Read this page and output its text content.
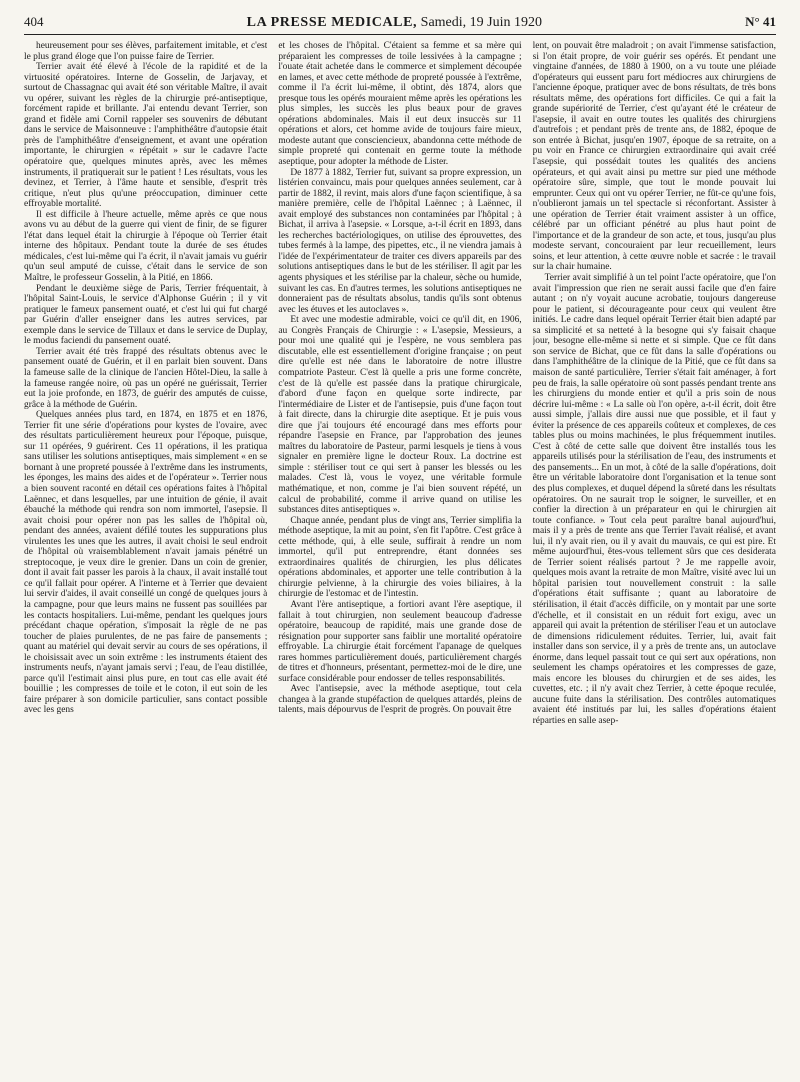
404	LA PRESSE MEDICALE, Samedi, 19 Juin 1920	N° 41

heureusement pour ses élèves, parfaitement imitable, et c'est le plus grand éloge que l'on puisse faire de Terrier.

Terrier avait été élevé à l'école de la rapidité et de la virtuosité opératoires. Interne de Gosselin, de Jarjavay, et surtout de Chassagnac qui avait été son véritable Maître, il avait vu opérer, suivant les règles de la chirurgie pré-antiseptique, forcément rapide et brillante. J'ai entendu devant Terrier, son grand et fidèle ami Cornil rappeler ses souvenirs de débutant dans le service de Maisonneuve : l'amphithéâtre d'autopsie était près de l'amphithéâtre d'enseignement, et avant une opération importante, le chirurgien « répétait » sur le cadavre l'acte opératoire que, quelques minutes après, avec les mêmes instruments, il pratiquerait sur le patient ! Les résultats, vous les devinez, et Terrier, à l'âme haute et sensible, d'esprit très critique, n'eut plus qu'une préoccupation, diminuer cette effroyable mortalité.

Il est difficile à l'heure actuelle, même après ce que nous avons vu au début de la guerre qui vient de finir, de se figurer l'état dans lequel était la chirurgie à l'époque où Terrier était interne des hôpitaux. Pendant toute la durée de ses études médicales, c'est lui-même qui l'a écrit, il n'avait jamais vu guérir qu'un seul amputé de cuisse, c'était dans le service de son Maître, le professeur Gosselin, à la Pitié, en 1866.

Pendant le deuxième siège de Paris, Terrier fréquentait, à l'hôpital Saint-Louis, le service d'Alphonse Guérin ; il y vit pratiquer le fameux pansement ouaté, et c'est lui qui fut chargé par Guérin d'aller enseigner dans les autres services, par exemple dans le service de Tillaux et dans le service de Duplay, le modus faciendi du pansement ouaté.

Terrier avait été très frappé des résultats obtenus avec le pansement ouaté de Guérin, et il en parlait bien souvent. Dans la fameuse salle de la clinique de l'ancien Hôtel-Dieu, la salle à la fameuse rangée noire, où pas un opéré ne guérissait, Terrier eut la joie profonde, en 1873, de guérir des amputés de cuisse, grâce à la méthode de Guérin.

Quelques années plus tard, en 1874, en 1875 et en 1876, Terrier fit une série d'opérations pour kystes de l'ovaire, avec des résultats particulièrement heureux pour l'époque, puisque, sur 11 opérées, 9 guérirent. Ces 11 opérations, il les pratiqua sans utiliser les solutions antiseptiques, mais simplement « en se bornant à une propreté poussée à l'extrême dans les instruments, les éponges, les mains des aides et de l'opérateur ». Terrier nous a bien souvent raconté en détail ces opérations faites à l'hôpital Laënnec, et dans lesquelles, par une intuition de génie, il avait ébauché la méthode qui rendra son nom immortel, l'asepsie. Il avait choisi pour opérer non pas les salles de l'hôpital où, pendant des années, avaient défilé toutes les suppurations plus virulentes les unes que les autres, il avait choisi le seul endroit de l'hôpital où vraisemblablement n'avait jamais pénétré un streptocoque, je veux dire le grenier. Dans un coin de grenier, dont il avait fait passer les parois à la chaux, il avait installé tout ce qu'il fallait pour opérer. A l'interne et à Terrier que devaient lui servir d'aides, il avait conseillé un congé de quelques jours à la campagne, pour que leurs mains ne fussent pas souillées par les contacts hospitaliers. Lui-même, pendant les quelques jours précédant chaque opération, s'imposait la règle de ne pas toucher de plaies purulentes, de ne pas faire de pansements ; quant au matériel qui devait servir au cours de ses opérations, il le choisissait avec un soin extrême : les instruments étaient des instruments neufs, n'ayant jamais servi ; l'eau, de l'eau distillée, parce qu'il l'estimait ainsi plus pure, en tout cas elle avait été bouillie ; les compresses de toile et le coton, il eut soin de les faire préparer à son domicile particulier, sans contact possible avec les gens

et les choses de l'hôpital. C'étaient sa femme et sa mère qui préparaient les compresses de toile lessivées à la campagne ; l'ouate était achetée dans le commerce et simplement découpée en lames, et avec cette méthode de propreté poussée à l'extrême, comme il l'a écrit lui-même, il obtint, dès 1874, alors que presque tous les opérés mouraient même après les opérations les plus simples, les succès les plus beaux pour de graves opérations abdominales. Mais il eut deux insuccès sur 11 opérations et alors, cet homme avide de toujours faire mieux, modeste autant que consciencieux, abandonna cette méthode de simple propreté qui contenait en germe toute la méthode aseptique, pour adopter la méthode de Lister.

De 1877 à 1882, Terrier fut, suivant sa propre expression, un listérien convaincu, mais pour quelques années seulement, car à partir de 1882, il revint, mais alors d'une façon scientifique, à sa manière première, celle de l'hôpital Laënnec ; à Laënnec, il avait employé des substances non contaminées par l'hôpital ; à Bichat, il arriva à l'asepsie. « Lorsque, a-t-il écrit en 1893, dans les recherches bactériologiques, on utilise des éprouvettes, des tubes fermés à la lampe, des pipettes, etc., il ne viendra jamais à l'idée de l'expérimentateur de traiter ces divers appareils par des solutions antiseptiques dans le but de les stériliser. Il agit par les agents physiques et les stérilise par la chaleur, sèche ou humide, suivant les cas. En d'autres termes, les solutions antiseptiques ne donneraient pas de résultats absolus, tandis qu'ils sont obtenus avec les étuves et les autoclaves ».

Et avec une modestie admirable, voici ce qu'il dit, en 1906, au Congrès Français de Chirurgie : « L'asepsie, Messieurs, a pour moi une qualité qui je l'espère, ne vous semblera pas discutable, elle est essentiellement d'origine française ; on peut dire qu'elle est née dans le laboratoire de notre illustre compatriote Pasteur. C'est là quelle a pris une forme concrète, c'est de là qu'elle est passée dans la pratique chirurgicale, d'abord d'une façon en quelque sorte indirecte, par l'intermédiaire de Lister et de l'antisepsie, puis d'une façon tout à fait directe, dans la chirurgie dite aseptique. Et je puis vous dire que j'ai toujours été encouragé dans mes efforts pour répandre l'asepsie en France, par l'approbation des jeunes maîtres du laboratoire de Pasteur, parmi lesquels je tiens à vous signaler en première ligne le docteur Roux. La doctrine est simple : stériliser tout ce qui sert à panser les blessés ou les malades. C'est là, vous le voyez, une véritable formule mathématique, et non, comme je l'ai bien souvent répété, un calcul de probabilité, comme il arrive quand on utilise les substances dites antiseptiques ».

Chaque année, pendant plus de vingt ans, Terrier simplifia la méthode aseptique, la mit au point, s'en fit l'apôtre. C'est grâce à cette méthode, qui, à elle seule, suffirait à rendre un nom immortel, qu'il put entreprendre, étant données ses extraordinaires qualités de chirurgien, les plus délicates opérations abdominales, et apporter une telle contribution à la chirurgie pelvienne, à la chirurgie des voies biliaires, à la chirurgie de l'estomac et de l'intestin.

Avant l'ère antiseptique, a fortiori avant l'ère aseptique, il fallait à tout chirurgien, non seulement beaucoup d'adresse opératoire, beaucoup de rapidité, mais une grande dose de résignation pour supporter sans faiblir une mortalité opératoire effroyable. La chirurgie était forcément l'apanage de quelques rares hommes particulièrement doués, particulièrement chargés de titres et d'honneurs, présentant, permettez-moi de le dire, une surface considérable pour endosser de telles responsabilités.

Avec l'antisepsie, avec la méthode aseptique, tout cela changea à la grande stupéfaction de quelques attardés, pleins de talents, mais dépourvus de l'esprit de progrès. On pouvait être

lent, on pouvait être maladroit ; on avait l'immense satisfaction, si l'on était propre, de voir guérir ses opérés. Et pendant une vingtaine d'années, de 1880 à 1900, on a vu toute une pléiade d'opérateurs qui eussent paru fort médiocres aux chirurgiens de l'ancienne époque, pratiquer avec de bons résultats, de très bons résultats même, des opérations fort difficiles. Ce qui a fait la grande supériorité de Terrier, c'est qu'ayant été le créateur de l'asepsie, il avait en outre toutes les qualités des chirurgiens d'autrefois ; et pendant près de trente ans, de 1882, époque de son entrée à Bichat, jusqu'en 1907, époque de sa retraite, on a pu voir en France ce chirurgien extraordinaire qui avait créé l'asepsie, qui possédait toutes les qualités des anciens opérateurs, et qui avait ainsi pu mettre sur pied une méthode opératoire sûre, simple, que tout le monde pouvait lui emprunter. Ceux qui ont vu opérer Terrier, ne fût-ce qu'une fois, n'oublieront jamais un tel spectacle si réconfortant. Assister à une opération de Terrier était vraiment assister à un office, célébré par un officiant pénétré au plus haut point de l'importance et de la grandeur de son acte, et tous, jusqu'au plus modeste servant, concouraient par leur recueillement, leurs soins, et leur attention, à cette œuvre noble et sacrée : le travail sur la chair humaine.

Terrier avait simplifié à un tel point l'acte opératoire, que l'on avait l'impression que rien ne serait aussi facile que d'en faire autant ; on n'y voyait aucune acrobatie, toujours dangereuse pour le patient, si décourageante pour ceux qui veulent être initiés. Le cadre dans lequel opérait Terrier était bien adapté par sa simplicité et sa netteté à la besogne qui s'y faisait chaque jour, besogne elle-même si nette et si simple. Que ce fût dans son service de Bichat, que ce fût dans la salle d'opérations ou dans l'amphithéâtre de la clinique de la Pitié, que ce fût dans sa maison de santé particulière, Terrier s'était fait aménager, à fort peu de frais, la salle opératoire où sont passés pendant trente ans les chirurgiens du monde entier et qu'il a pris soin de nous décrire lui-même : « La salle où l'on opère, a-t-il écrit, doit être aussi simple, j'allais dire aussi nue que possible, et il faut y éviter la présence de ces appareils coûteux et complexes, de ces tables plus ou moins machinées, le plus fréquemment inutiles. C'est à côté de cette salle que doivent être installés tous les appareils utilisés pour la stérilisation de l'eau, des instruments et des pansements... En un mot, à côté de la salle d'opérations, doit être un véritable laboratoire dont l'organisation et la tenue sont des plus complexes, et duquel dépend la sûreté dans les résultats opératoires. On ne saurait trop le soigner, le surveiller, et en confier la direction à un préparateur en qui le chirurgien ait toute confiance. » Tout cela peut paraître banal aujourd'hui, mais il y a près de trente ans que Terrier l'avait réalisé, et avant lui, il n'y avait rien, ou il y avait du mauvais, ce qui est pire. Et même aujourd'hui, êtes-vous tellement sûrs que ces desiderata de Terrier soient réalisés partout ? Je me rappelle avoir, quelques mois avant la retraite de mon Maître, visité avec lui un hôpital parisien tout nouvellement construit : la salle d'opérations était suffisante ; quant au laboratoire de stérilisation, il était d'accès difficile, on y montait par une sorte d'échelle, et il consistait en un réduit fort exigu, avec un appareil qui avait la prétention de stériliser l'eau et un autoclave de dimensions ridiculement réduites. Terrier, lui, avait fait installer dans son service, il y a près de trente ans, un autoclave énorme, dans lequel passait tout ce qui sert aux opérations, non seulement les champs opératoires et les compresses de gaze, mais encore les blouses du chirurgien et de ses aides, les cuvettes, etc. ; il n'y avait chez Terrier, à cette époque reculée, aucune fuite dans la stérilisation. Des contrôles automatiques avaient été institués par lui, les salles d'opérations étaient réparties en salle asep-
